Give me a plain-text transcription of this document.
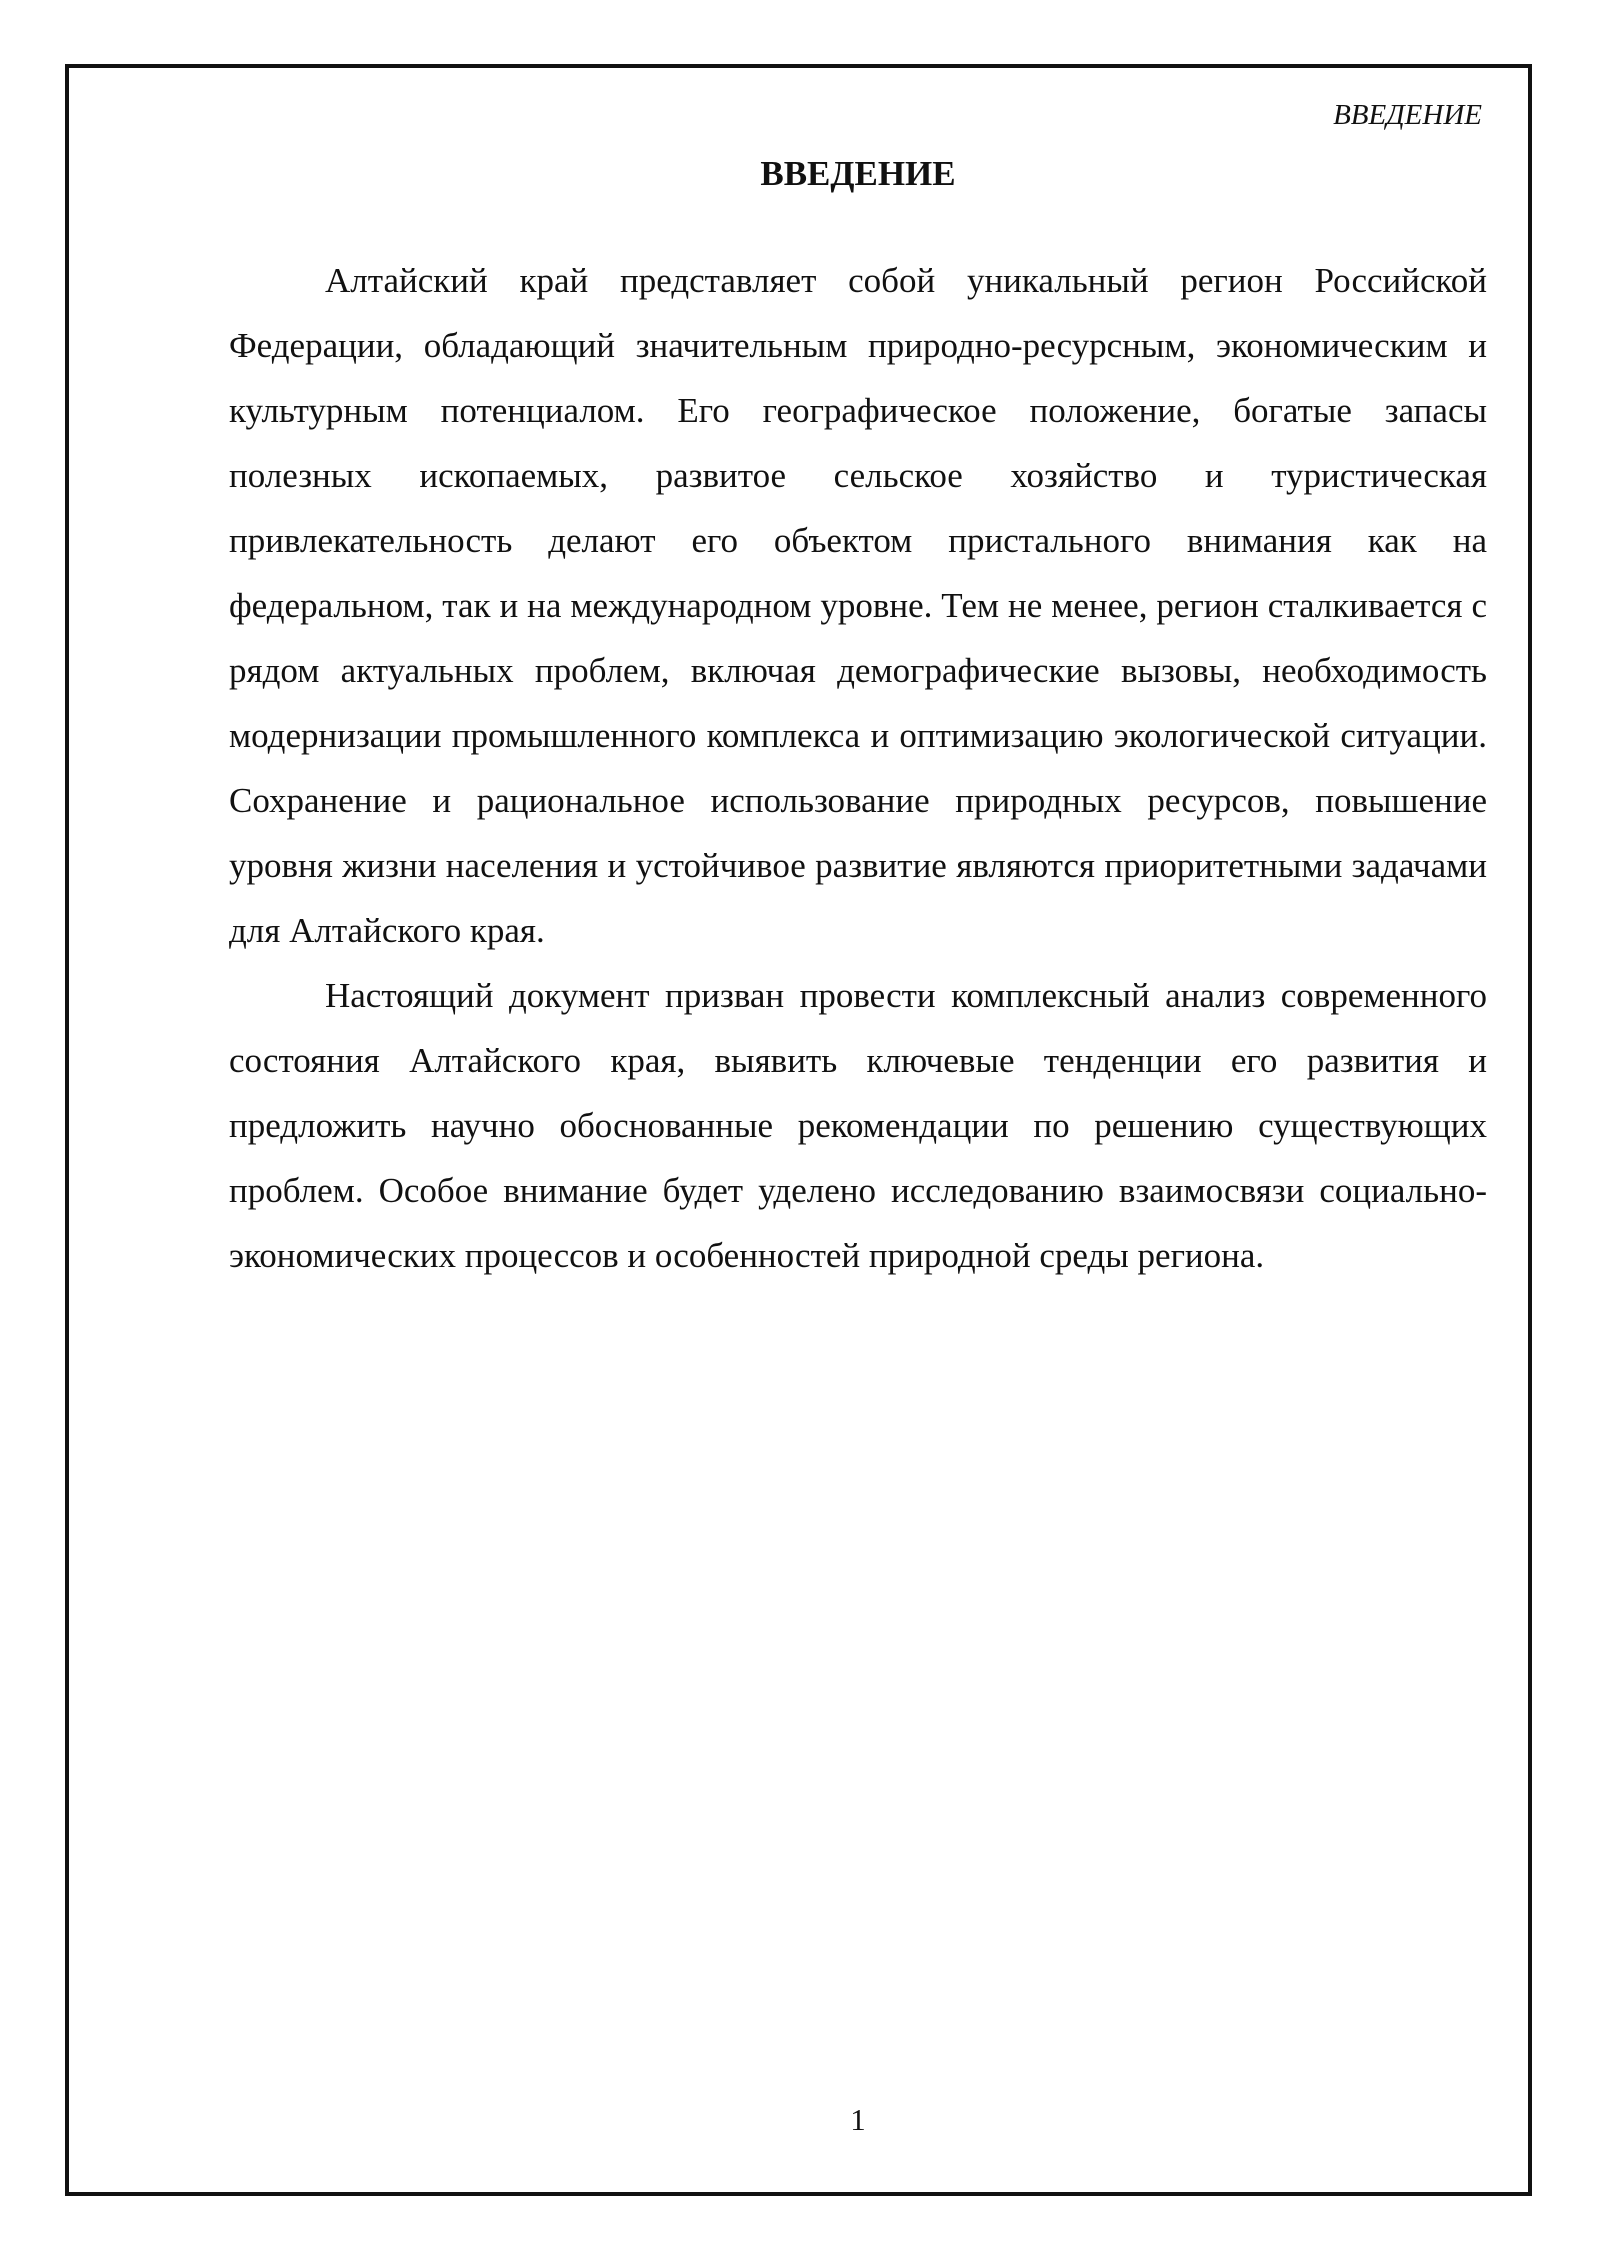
ВВЕДЕНИЕ
ВВЕДЕНИЕ

Алтайский край представляет собой уникальный регион Российской Федерации, обладающий значительным природно-ресурсным, экономическим и культурным потенциалом. Его географическое положение, богатые запасы полезных ископаемых, развитое сельское хозяйство и туристическая привлекательность делают его объектом пристального внимания как на федеральном, так и на международном уровне. Тем не менее, регион сталкивается с рядом актуальных проблем, включая демографические вызовы, необходимость модернизации промышленного комплекса и оптимизацию экологической ситуации. Сохранение и рациональное использование природных ресурсов, повышение уровня жизни населения и устойчивое развитие являются приоритетными задачами для Алтайского края.

Настоящий документ призван провести комплексный анализ современного состояния Алтайского края, выявить ключевые тенденции его развития и предложить научно обоснованные рекомендации по решению существующих проблем. Особое внимание будет уделено исследованию взаимосвязи социально-экономических процессов и особенностей природной среды региона.

1
